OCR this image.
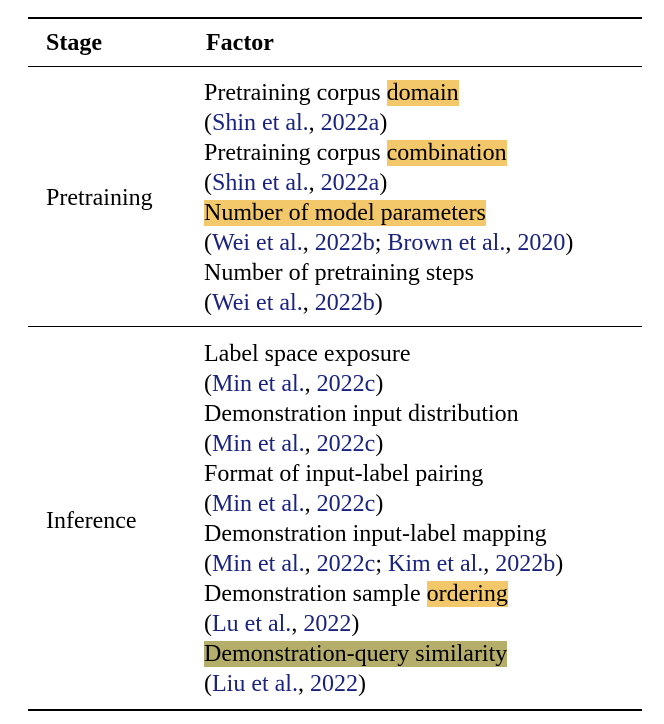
Stage	Factor
Pretraining
Pretraining corpus domain
(Shin et al., 2022a)
Pretraining corpus combination
(Shin et al., 2022a)
Number of model parameters
(Wei et al., 2022b; Brown et al., 2020)
Number of pretraining steps
(Wei et al., 2022b)
Inference
Label space exposure
(Min et al., 2022c)
Demonstration input distribution
(Min et al., 2022c)
Format of input-label pairing
(Min et al., 2022c)
Demonstration input-label mapping
(Min et al., 2022c; Kim et al., 2022b)
Demonstration sample ordering
(Lu et al., 2022)
Demonstration-query similarity
(Liu et al., 2022)
